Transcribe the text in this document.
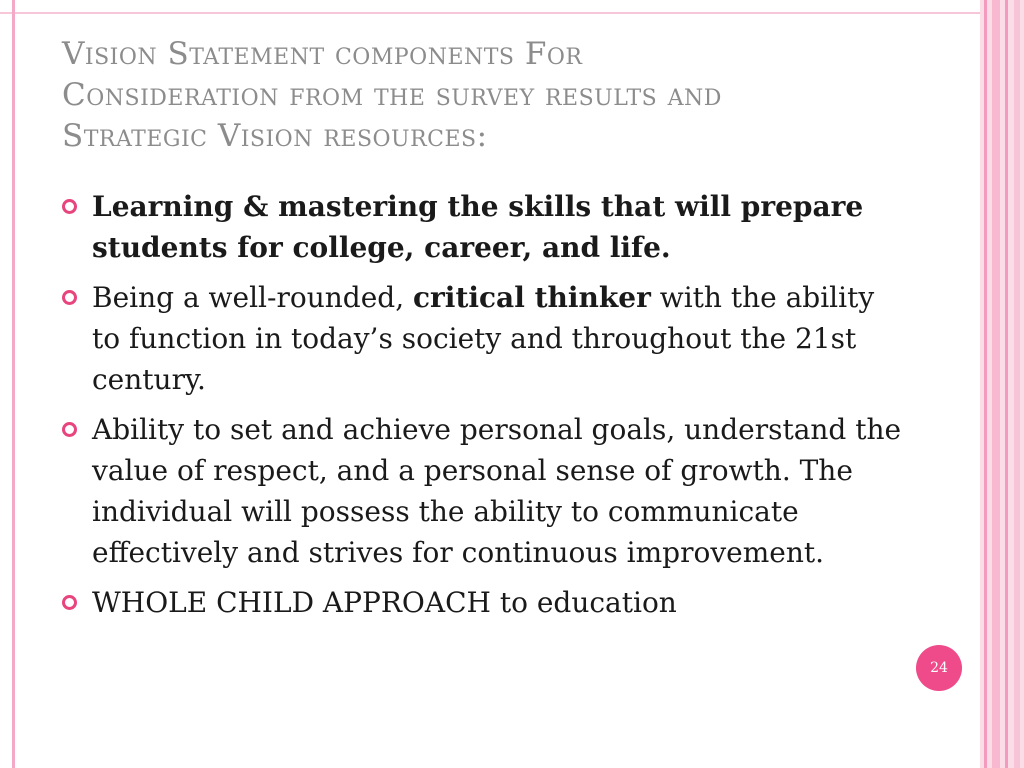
Vision Statement components For
Consideration from the survey results and
Strategic Vision resources:
Learning & mastering the skills that will prepare students for college, career, and life.
Being a well-rounded, critical thinker with the ability to function in today’s society and throughout the 21st century.
Ability to set and achieve personal goals, understand the value of respect, and a personal sense of growth. The individual will possess the ability to communicate effectively and strives for continuous improvement.
WHOLE CHILD APPROACH to education
24
